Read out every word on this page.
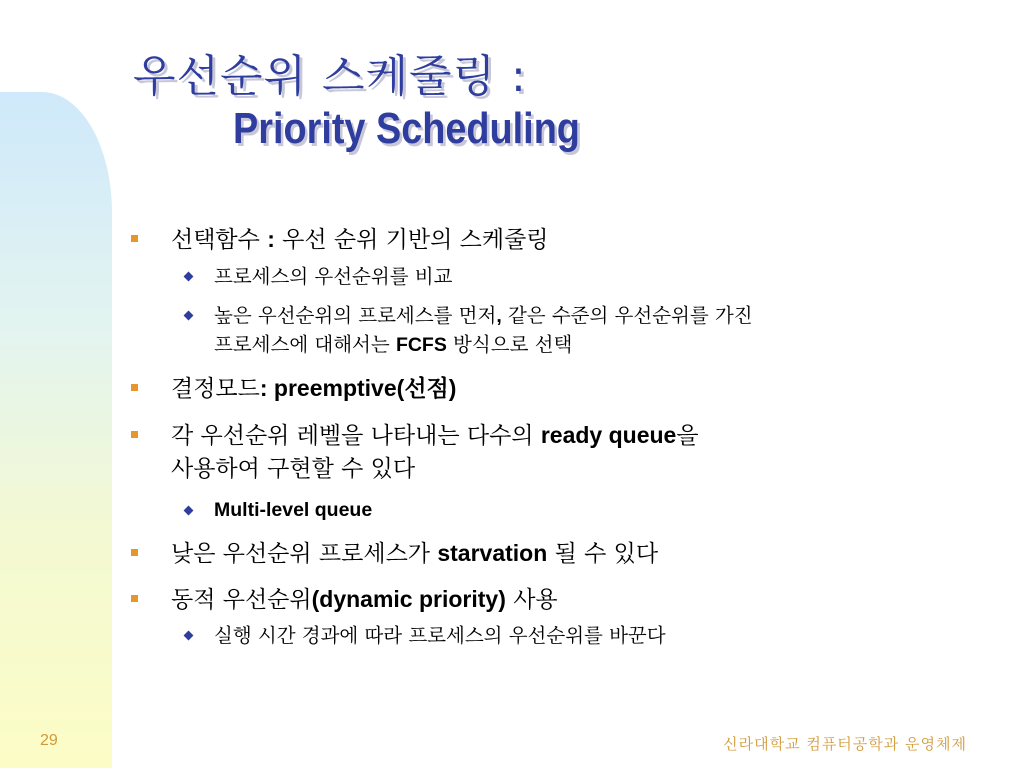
우선순위 스케줄링 :
Priority Scheduling
선택함수 : 우선 순위 기반의 스케줄링
프로세스의 우선순위를 비교
높은 우선순위의 프로세스를 먼저, 같은 수준의 우선순위를 가진
프로세스에 대해서는 FCFS 방식으로 선택
결정모드: preemptive(선점)
각 우선순위 레벨을 나타내는 다수의 ready queue을
사용하여 구현할 수 있다
Multi-level queue
낮은 우선순위 프로세스가 starvation 될 수 있다
동적 우선순위(dynamic priority) 사용
실행 시간 경과에 따라 프로세스의 우선순위를 바꾼다
29	신라대학교 컴퓨터공학과 운영체제
